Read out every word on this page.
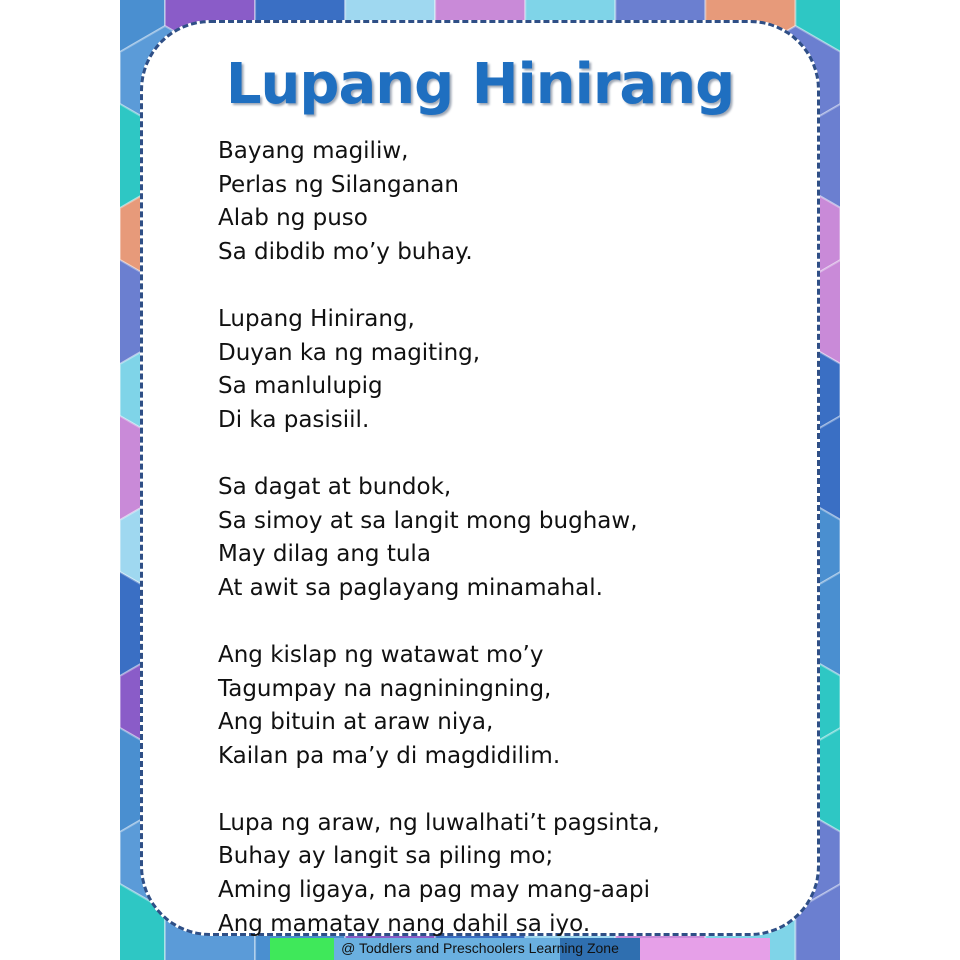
Lupang Hinirang
Bayang magiliw,
Perlas ng Silanganan
Alab ng puso
Sa dibdib mo’y buhay.
Lupang Hinirang,
Duyan ka ng magiting,
Sa manlulupig
Di ka pasisiil.
Sa dagat at bundok,
Sa simoy at sa langit mong bughaw,
May dilag ang tula
At awit sa paglayang minamahal.
Ang kislap ng watawat mo’y
Tagumpay na nagniningning,
Ang bituin at araw niya,
Kailan pa ma’y di magdidilim.
Lupa ng araw, ng luwalhati’t pagsinta,
Buhay ay langit sa piling mo;
Aming ligaya, na pag may mang-aapi
Ang mamatay nang dahil sa iyo.
@ Toddlers and Preschoolers Learning Zone
